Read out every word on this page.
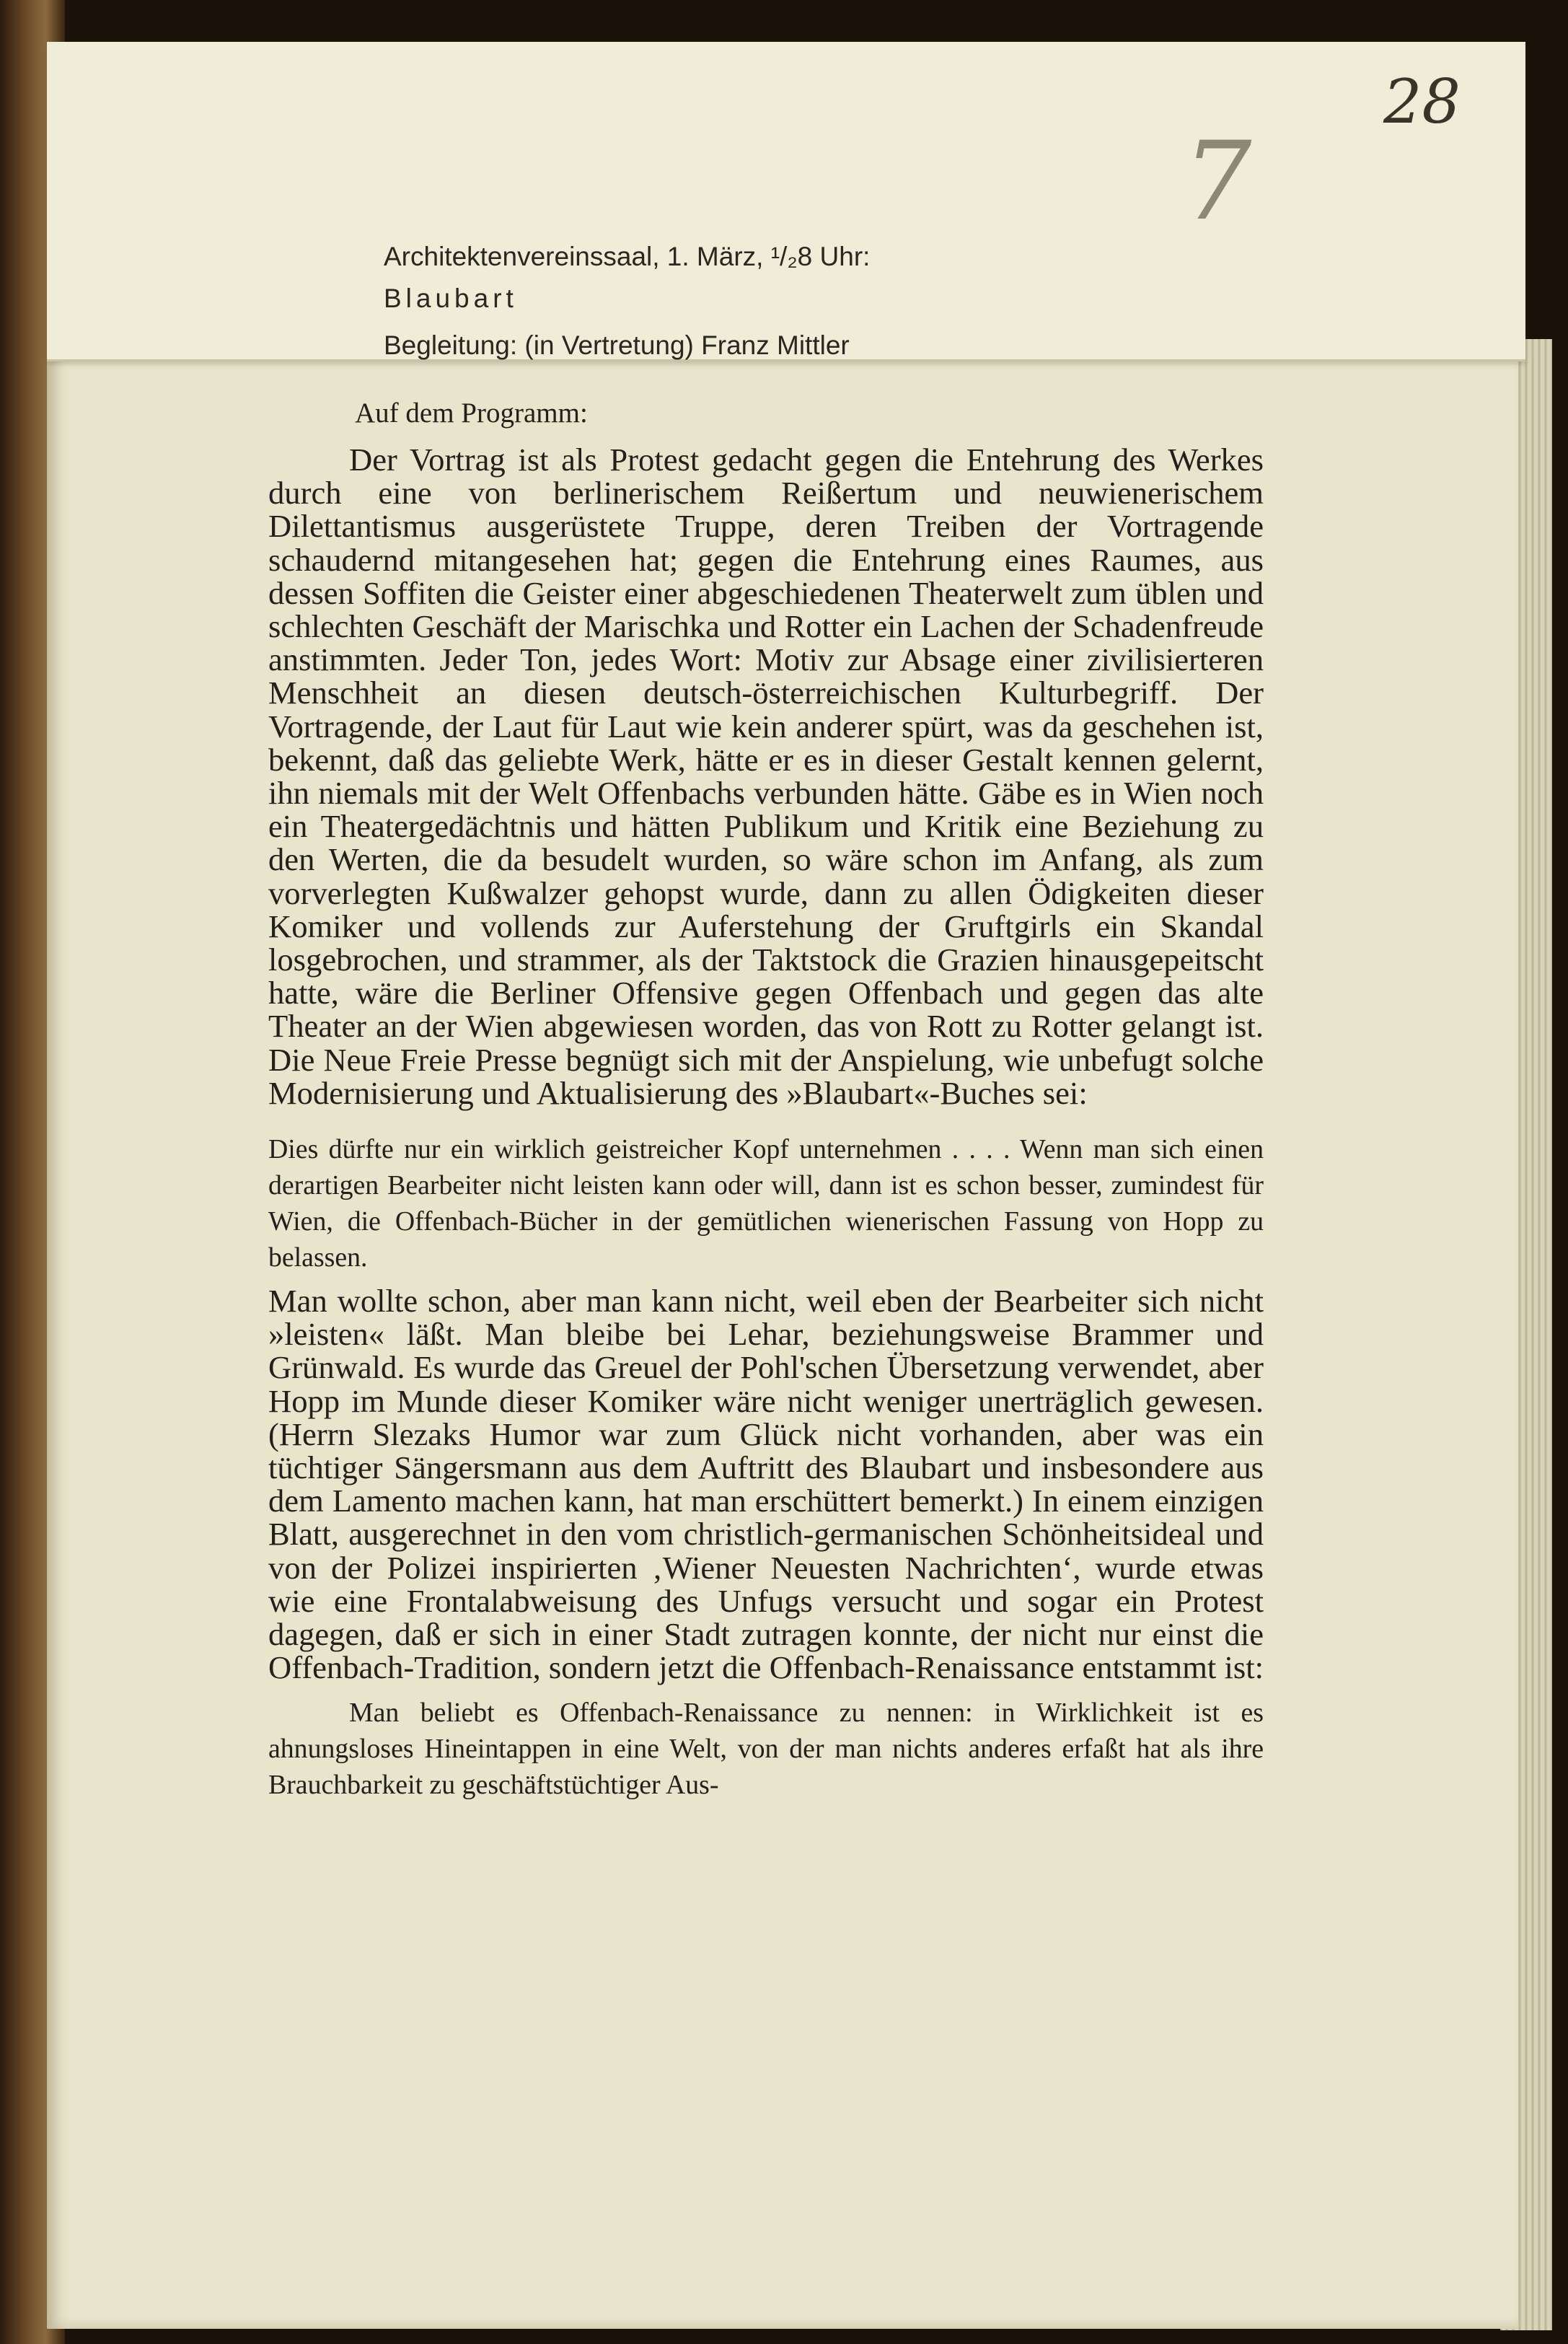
28
7
Architektenvereinssaal, 1. März, ¹/₂8 Uhr:
Blaubart
Begleitung: (in Vertretung) Franz Mittler

Auf dem Programm:

Der Vortrag ist als Protest gedacht gegen die Entehrung des Werkes durch eine von berlinerischem Reißertum und neuwienerischem Dilettantismus ausgerüstete Truppe, deren Treiben der Vortragende schaudernd mitangesehen hat; gegen die Entehrung eines Raumes, aus dessen Soffiten die Geister einer abgeschiedenen Theaterwelt zum üblen und schlechten Geschäft der Marischka und Rotter ein Lachen der Schadenfreude anstimmten. Jeder Ton, jedes Wort: Motiv zur Absage einer zivilisierteren Menschheit an diesen deutsch-österreichischen Kulturbegriff. Der Vortragende, der Laut für Laut wie kein anderer spürt, was da geschehen ist, bekennt, daß das geliebte Werk, hätte er es in dieser Gestalt kennen gelernt, ihn niemals mit der Welt Offenbachs verbunden hätte. Gäbe es in Wien noch ein Theatergedächtnis und hätten Publikum und Kritik eine Beziehung zu den Werten, die da besudelt wurden, so wäre schon im Anfang, als zum vorverlegten Kußwalzer gehopst wurde, dann zu allen Ödigkeiten dieser Komiker und vollends zur Auferstehung der Gruftgirls ein Skandal losgebrochen, und strammer, als der Taktstock die Grazien hinausgepeitscht hatte, wäre die Berliner Offensive gegen Offenbach und gegen das alte Theater an der Wien abgewiesen worden, das von Rott zu Rotter gelangt ist. Die Neue Freie Presse begnügt sich mit der Anspielung, wie unbefugt solche Modernisierung und Aktualisierung des »Blaubart«-Buches sei:

Dies dürfte nur ein wirklich geistreicher Kopf unternehmen . . . . Wenn man sich einen derartigen Bearbeiter nicht leisten kann oder will, dann ist es schon besser, zumindest für Wien, die Offenbach-Bücher in der gemütlichen wienerischen Fassung von Hopp zu belassen.

Man wollte schon, aber man kann nicht, weil eben der Bearbeiter sich nicht »leisten« läßt. Man bleibe bei Lehar, beziehungsweise Brammer und Grünwald. Es wurde das Greuel der Pohl'schen Übersetzung verwendet, aber Hopp im Munde dieser Komiker wäre nicht weniger unerträglich gewesen. (Herrn Slezaks Humor war zum Glück nicht vorhanden, aber was ein tüchtiger Sängersmann aus dem Auftritt des Blaubart und insbesondere aus dem Lamento machen kann, hat man erschüttert bemerkt.) In einem einzigen Blatt, ausgerechnet in den vom christlich-germanischen Schönheitsideal und von der Polizei inspirierten ‚Wiener Neuesten Nachrichten‘, wurde etwas wie eine Frontalabweisung des Unfugs versucht und sogar ein Protest dagegen, daß er sich in einer Stadt zutragen konnte, der nicht nur einst die Offenbach-Tradition, sondern jetzt die Offenbach-Renaissance entstammt ist:

Man beliebt es Offenbach-Renaissance zu nennen: in Wirklichkeit ist es ahnungsloses Hineintappen in eine Welt, von der man nichts anderes erfaßt hat als ihre Brauchbarkeit zu geschäftstüchtiger Aus-
